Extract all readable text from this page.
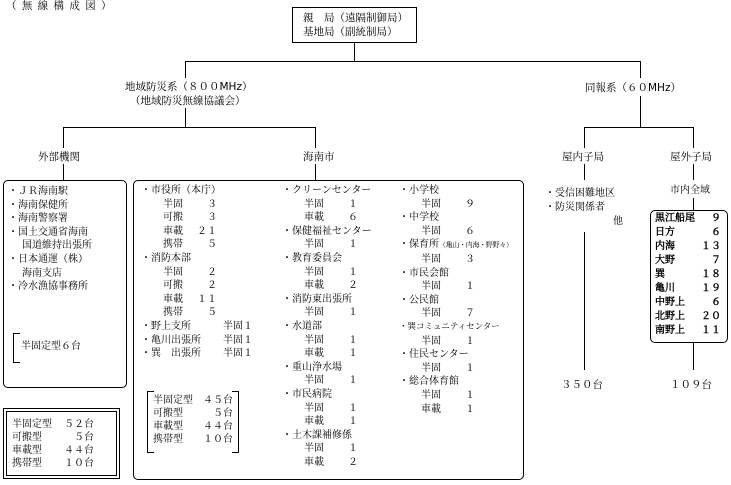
（ 無 線 構 成 図 ）
親　局（遠隔制御局）
基地局（副統制局）
地域防災系（８００MHz）
（地域防災無線協議会）
同報系（６０MHz）
外部機関
・ＪＲ海南駅
・海南保健所
・海南警察署
・国土交通省海南
国道維持出張所
・日本通運（株）
海南支店
・冷水漁協事務所
半固定型６台
半固定型 ５２台
可搬型	５台
車載型 ４４台
携帯型 １０台
海南市
・市役所（本庁）
半固 ３
可搬 ３
車載 ２１
携帯 ５
・消防本部
半固 ２
可搬 ２
車載 １１
携帯 ５
・野上支所	半固１
・亀川出張所 半固１
・巽　出張所 半固１
半固定型 ４５台
可搬型	５台
車載型 ４４台
携帯型 １０台
・クリーンセンター
半固 １
車載 ６
・保健福祉センター
半固 １
・教育委員会
半固 １
車載 ２
・消防東出張所
半固 １
・水道部
半固 １
車載 １
・重山浄水場
半固 １
・市民病院
半固 １
車載 １
・土木課補修係
半固 １
車載 ２
・小学校
半固 ９
・中学校
半固 ６
・保育所（亀山・内海・野野々）
半固 ３
・市民会館
半固 １
・公民館
半固 ７
・巽コミュニティセンター
半固 １
・住民センター
半固 １
・総合体育館
半固 １
車載 １
屋内子局
・受信困難地区
・防災関係者
他
３５０台
屋外子局
市内全域
黒江船尾 ９
日方	６
内海	１３
大野	７
巽	１８
亀川	１９
中野上	６
北野上 ２０
南野上 １１
１０９台
